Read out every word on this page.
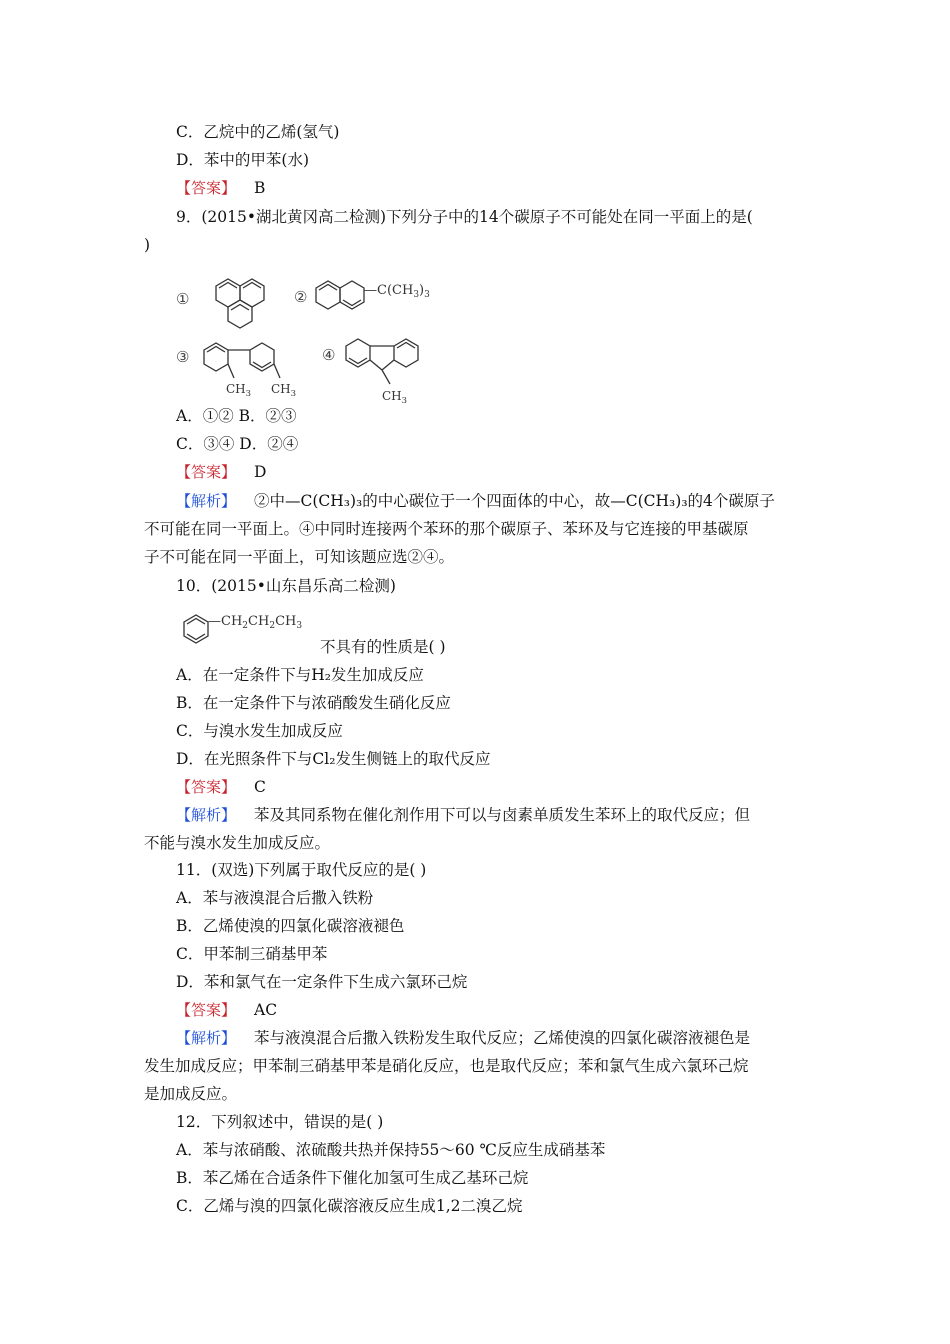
C．乙烷中的乙烯(氢气)
D．苯中的甲苯(水)
【答案】 B
9．(2015•湖北黄冈高二检测)下列分子中的14个碳原子不可能处在同一平面上的是(
)
①	②	$—C(CH_3)_3$
③
$CH_3$ $CH_3$
④
$CH_3$
A．①② B．②③
C．③④ D．②④
【答案】 D
【解析】 ②中—C(CH₃)₃的中心碳位于一个四面体的中心，故—C(CH₃)₃的4个碳原子
不可能在同一平面上。④中同时连接两个苯环的那个碳原子、苯环及与它连接的甲基碳原
子不可能在同一平面上，可知该题应选②④。
10．(2015•山东昌乐高二检测)
$—CH_2CH_2CH_3$
不具有的性质是( )
A．在一定条件下与H₂发生加成反应
B．在一定条件下与浓硝酸发生硝化反应
C．与溴水发生加成反应
D．在光照条件下与Cl₂发生侧链上的取代反应
【答案】 C
【解析】 苯及其同系物在催化剂作用下可以与卤素单质发生苯环上的取代反应；但
不能与溴水发生加成反应。
11．(双选)下列属于取代反应的是( )
A．苯与液溴混合后撒入铁粉
B．乙烯使溴的四氯化碳溶液褪色
C．甲苯制三硝基甲苯
D．苯和氯气在一定条件下生成六氯环己烷
【答案】 AC
【解析】 苯与液溴混合后撒入铁粉发生取代反应；乙烯使溴的四氯化碳溶液褪色是
发生加成反应；甲苯制三硝基甲苯是硝化反应，也是取代反应；苯和氯气生成六氯环己烷
是加成反应。
12．下列叙述中，错误的是( )
A．苯与浓硝酸、浓硫酸共热并保持55～60 ℃反应生成硝基苯
B．苯乙烯在合适条件下催化加氢可生成乙基环己烷
C．乙烯与溴的四氯化碳溶液反应生成1,2二溴乙烷
